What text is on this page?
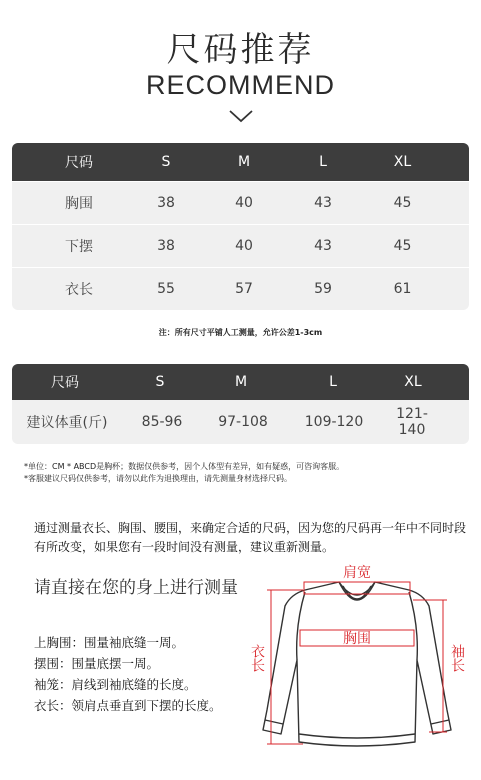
尺码推荐
RECOMMEND
尺码	S	M	L	XL
胸围	38	40	43	45
下摆	38	40	43	45
衣长	55	57	59	61
注：所有尺寸平铺人工测量，允许公差1-3cm
尺码	S	M	L	XL
建议体重(斤)	85-96	97-108	109-120	121-140
*单位：CM * ABCD是胸杯；数据仅供参考，因个人体型有差异，如有疑惑，可咨询客服。
*客服建议尺码仅供参考，请勿以此作为退换理由，请先测量身材选择尺码。
通过测量衣长、胸围、腰围，来确定合适的尺码，因为您的尺码再一年中不同时段有所改变，如果您有一段时间没有测量，建议重新测量。
请直接在您的身上进行测量
上胸围：围量袖底缝一周。
摆围：围量底摆一周。
袖笼：肩线到袖底缝的长度。
衣长：领肩点垂直到下摆的长度。
肩宽
胸围
衣长	袖长
